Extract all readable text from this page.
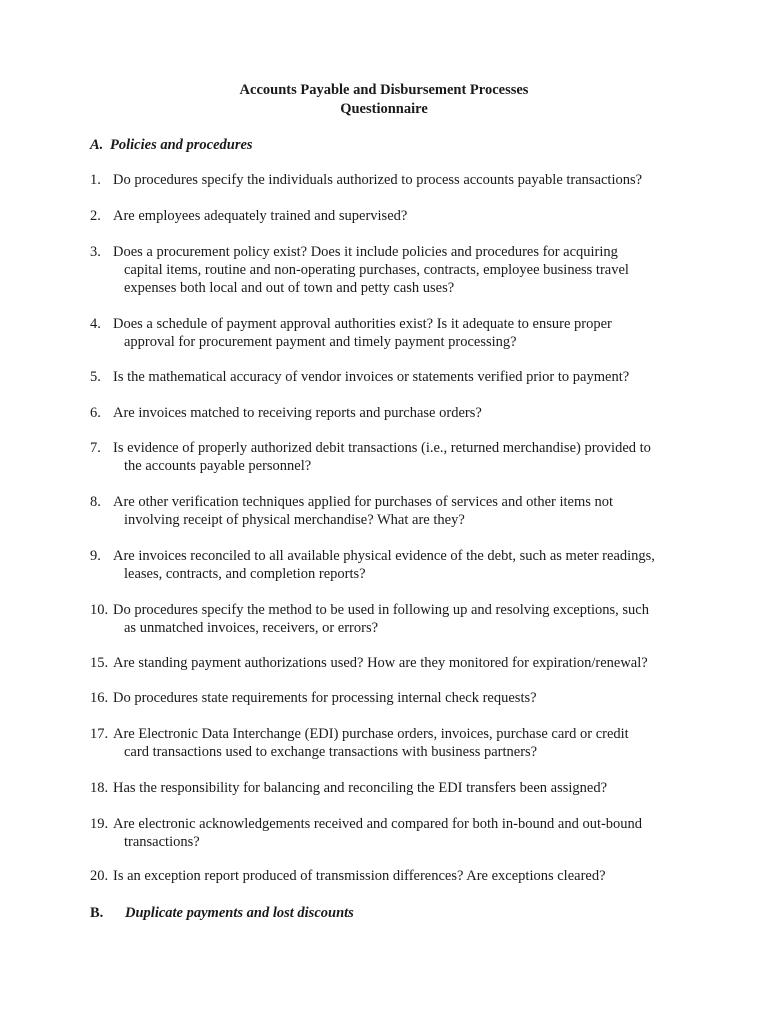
Accounts Payable and Disbursement Processes
Questionnaire
A. Policies and procedures
1. Do procedures specify the individuals authorized to process accounts payable transactions?
2. Are employees adequately trained and supervised?
3. Does a procurement policy exist? Does it include policies and procedures for acquiring
capital items, routine and non-operating purchases, contracts, employee business travel
expenses both local and out of town and petty cash uses?
4. Does a schedule of payment approval authorities exist? Is it adequate to ensure proper
approval for procurement payment and timely payment processing?
5. Is the mathematical accuracy of vendor invoices or statements verified prior to payment?
6. Are invoices matched to receiving reports and purchase orders?
7. Is evidence of properly authorized debit transactions (i.e., returned merchandise) provided to
the accounts payable personnel?
8. Are other verification techniques applied for purchases of services and other items not
involving receipt of physical merchandise? What are they?
9. Are invoices reconciled to all available physical evidence of the debt, such as meter readings,
leases, contracts, and completion reports?
10. Do procedures specify the method to be used in following up and resolving exceptions, such
as unmatched invoices, receivers, or errors?
15. Are standing payment authorizations used? How are they monitored for expiration/renewal?
16. Do procedures state requirements for processing internal check requests?
17. Are Electronic Data Interchange (EDI) purchase orders, invoices, purchase card or credit
card transactions used to exchange transactions with business partners?
18. Has the responsibility for balancing and reconciling the EDI transfers been assigned?
19. Are electronic acknowledgements received and compared for both in-bound and out-bound
transactions?
20. Is an exception report produced of transmission differences? Are exceptions cleared?
B. Duplicate payments and lost discounts
